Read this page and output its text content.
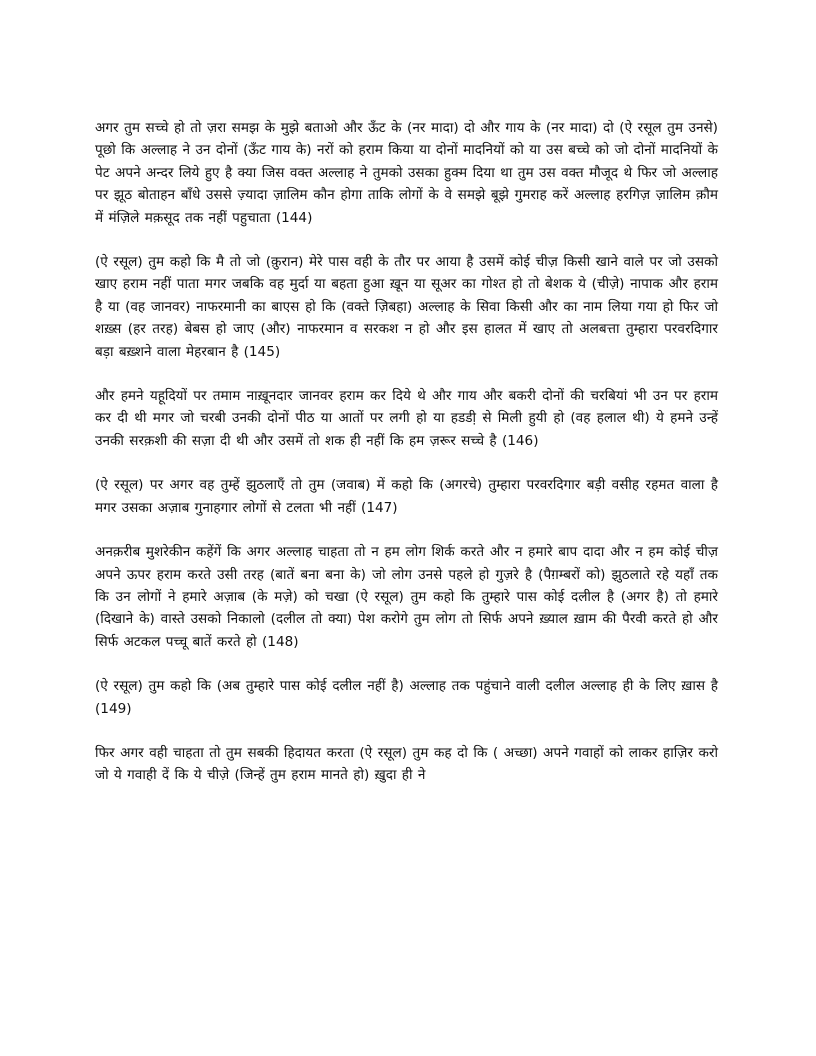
अगर तुम सच्चे हो तो ज़रा समझ के मुझे बताओ और ऊँट के (नर मादा) दो और गाय के (नर मादा) दो (ऐ रसूल तुम उनसे) पूछो कि अल्लाह ने उन दोनों (ऊँट गाय के) नरों को हराम किया या दोनों मादनियों को या उस बच्चे को जो दोनों मादनियों के पेट अपने अन्दर लिये हुए है क्या जिस वक्त अल्लाह ने तुमको उसका हुक्म दिया था तुम उस वक्त मौजूद थे फिर जो अल्लाह पर झूठ बोताहन बाँधे उससे ज़्यादा ज़ालिम कौन होगा ताकि लोगों के वे समझे बूझे गुमराह करें अल्लाह हरगिज़ ज़ालिम क़ौम में मंज़िले मक़सूद तक नहीं पहुचाता (144)

(ऐ रसूल) तुम कहो कि मै तो जो (क़ुरान) मेरे पास वही के तौर पर आया है उसमें कोई चीज़ किसी खाने वाले पर जो उसको खाए हराम नहीं पाता मगर जबकि वह मुर्दा या बहता हुआ ख़ून या सूअर का गोश्त हो तो बेशक ये (चीजे़) नापाक और हराम है या (वह जानवर) नाफरमानी का बाएस हो कि (वक्ते ज़िबहा) अल्लाह के सिवा किसी और का नाम लिया गया हो फिर जो शख़्स (हर तरह) बेबस हो जाए (और) नाफरमान व सरकश न हो और इस हालत में खाए तो अलबत्ता तुम्हारा परवरदिगार बड़ा बख़्शने वाला मेहरबान है (145)

और हमने यहूदियों पर तमाम नाख़ूनदार जानवर हराम कर दिये थे और गाय और बकरी दोनों की चरबियां भी उन पर हराम कर दी थी मगर जो चरबी उनकी दोनों पीठ या आतों पर लगी हो या हडडी़ से मिली हुयी हो (वह हलाल थी) ये हमने उन्हें उनकी सरक़शी की सज़ा दी थी और उसमें तो शक ही नहीं कि हम ज़रूर सच्चे है (146)

(ऐ रसूल) पर अगर वह तुम्हें झुठलाएँ तो तुम (जवाब) में कहो कि (अगरचे) तुम्हारा परवरदिगार बड़ी वसीह रहमत वाला है मगर उसका अज़ाब गुनाहगार लोगों से टलता भी नहीं (147)

अनक़रीब मुशरेकीन कहेंगें कि अगर अल्लाह चाहता तो न हम लोग शिर्क करते और न हमारे बाप दादा और न हम कोई चीज़ अपने ऊपर हराम करते उसी तरह (बातें बना बना के) जो लोग उनसे पहले हो गुज़रे है (पैग़म्बरों को) झुठलाते रहे यहाँ तक कि उन लोगों ने हमारे अज़ाब (के मजे़) को चखा (ऐ रसूल) तुम कहो कि तुम्हारे पास कोई दलील है (अगर है) तो हमारे (दिखाने के) वास्ते उसको निकालो (दलील तो क्या) पेश करोगे तुम लोग तो सिर्फ अपने ख़्याल ख़ाम की पैरवी करते हो और सिर्फ अटकल पच्चू बातें करते हो (148)

(ऐ रसूल) तुम कहो कि (अब तुम्हारे पास कोई दलील नहीं है) अल्लाह तक पहुंचाने वाली दलील अल्लाह ही के लिए ख़ास है (149)

फिर अगर वही चाहता तो तुम सबकी हिदायत करता (ऐ रसूल) तुम कह दो कि ( अच्छा) अपने गवाहों को लाकर हाज़िर करो जो ये गवाही दें कि ये चीजे़ (जिन्हें तुम हराम मानते हो) ख़ुदा ही ने
